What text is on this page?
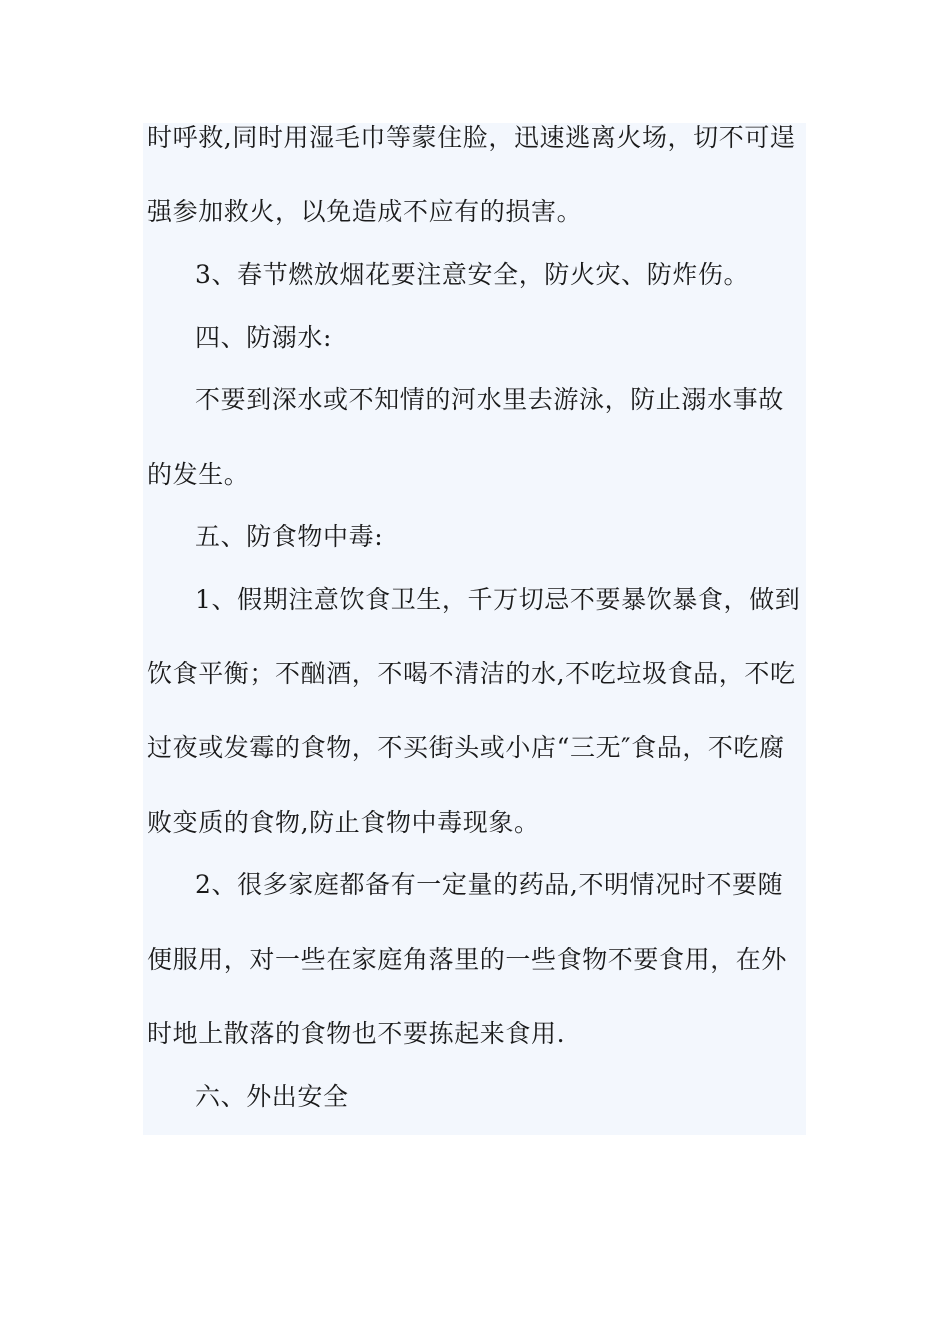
时呼救,同时用湿毛巾等蒙住脸，迅速逃离火场，切不可逞
强参加救火，以免造成不应有的损害。
3、春节燃放烟花要注意安全，防火灾、防炸伤。
四、防溺水:
不要到深水或不知情的河水里去游泳，防止溺水事故
的发生。
五、防食物中毒:
1、假期注意饮食卫生，千万切忌不要暴饮暴食，做到
饮食平衡；不酗酒，不喝不清洁的水,不吃垃圾食品，不吃
过夜或发霉的食物，不买街头或小店“三无″食品，不吃腐
败变质的食物,防止食物中毒现象。
2、很多家庭都备有一定量的药品,不明情况时不要随
便服用，对一些在家庭角落里的一些食物不要食用，在外
时地上散落的食物也不要拣起来食用.
六、外出安全
